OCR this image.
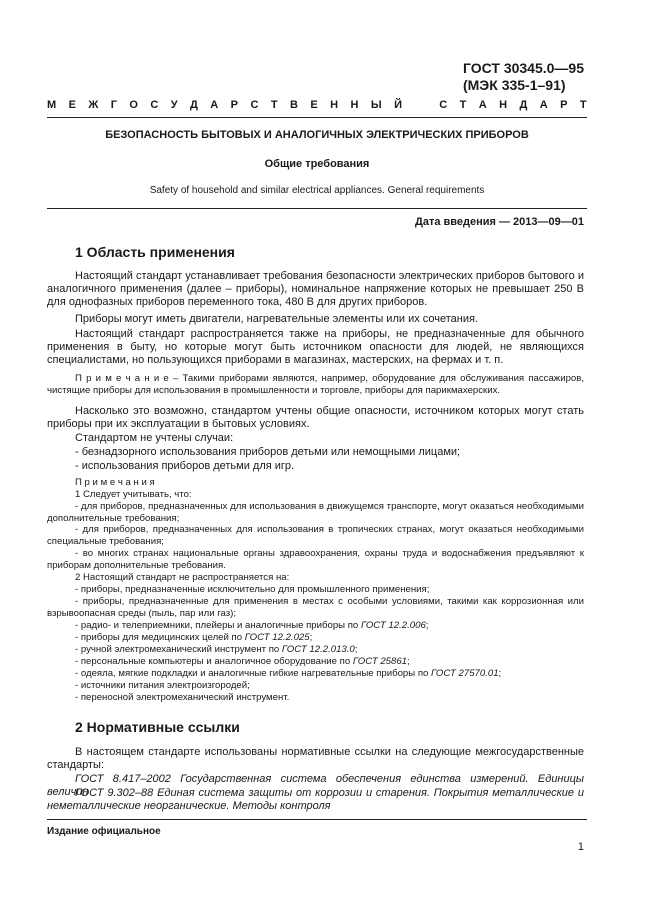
ГОСТ 30345.0—95
(МЭК 335-1–91)
М Е Ж Г О С У Д А Р С Т В Е Н Н Ы Й	С Т А Н Д А Р Т
БЕЗОПАСНОСТЬ БЫТОВЫХ И АНАЛОГИЧНЫХ ЭЛЕКТРИЧЕСКИХ ПРИБОРОВ
Общие требования
Safety of household and similar electrical appliances. General requirements
Дата введения — 2013—09—01
1 Область применения
Настоящий стандарт устанавливает требования безопасности электрических приборов бытового и аналогичного применения (далее – приборы), номинальное напряжение которых не превышает 250 В для однофазных приборов переменного тока, 480 В для других приборов.
Приборы могут иметь двигатели, нагревательные элементы или их сочетания.
Настоящий стандарт распространяется также на приборы, не предназначенные для обычного применения в быту, но которые могут быть источником опасности для людей, не являющихся специалистами, но пользующихся приборами в магазинах, мастерских, на фермах и т. п.
П р и м е ч а н и е – Такими приборами являются, например, оборудование для обслуживания пассажиров, чистящие приборы для использования в промышленности и торговле, приборы для парикмахерских.
Насколько это возможно, стандартом учтены общие опасности, источником которых могут стать приборы при их эксплуатации в бытовых условиях.
Стандартом не учтены случаи:
- безнадзорного использования приборов детьми или немощными лицами;
- использования приборов детьми для игр.
П р и м е ч а н и я
1 Следует учитывать, что:
- для приборов, предназначенных для использования в движущемся транспорте, могут оказаться необходимыми дополнительные требования;
- для приборов, предназначенных для использования в тропических странах, могут оказаться необходимыми специальные требования;
- во многих странах национальные органы здравоохранения, охраны труда и водоснабжения предъявляют к приборам дополнительные требования.
2 Настоящий стандарт не распространяется на:
- приборы, предназначенные исключительно для промышленного применения;
- приборы, предназначенные для применения в местах с особыми условиями, такими как коррозионная или взрывоопасная среды (пыль, пар или газ);
- радио- и телеприемники, плейеры и аналогичные приборы по ГОСТ 12.2.006;
- приборы для медицинских целей по ГОСТ 12.2.025;
- ручной электромеханический инструмент по ГОСТ 12.2.013.0;
- персональные компьютеры и аналогичное оборудование по ГОСТ 25861;
- одеяла, мягкие подкладки и аналогичные гибкие нагревательные приборы по ГОСТ 27570.01;
- источники питания электроизгородей;
- переносной электромеханический инструмент.
2 Нормативные ссылки
В настоящем стандарте использованы нормативные ссылки на следующие межгосударственные стандарты:
ГОСТ 8.417–2002 Государственная система обеспечения единства измерений. Единицы величин
ГОСТ 9.302–88 Единая система защиты от коррозии и старения. Покрытия металлические и неметаллические неорганические. Методы контроля
Издание официальное
1
